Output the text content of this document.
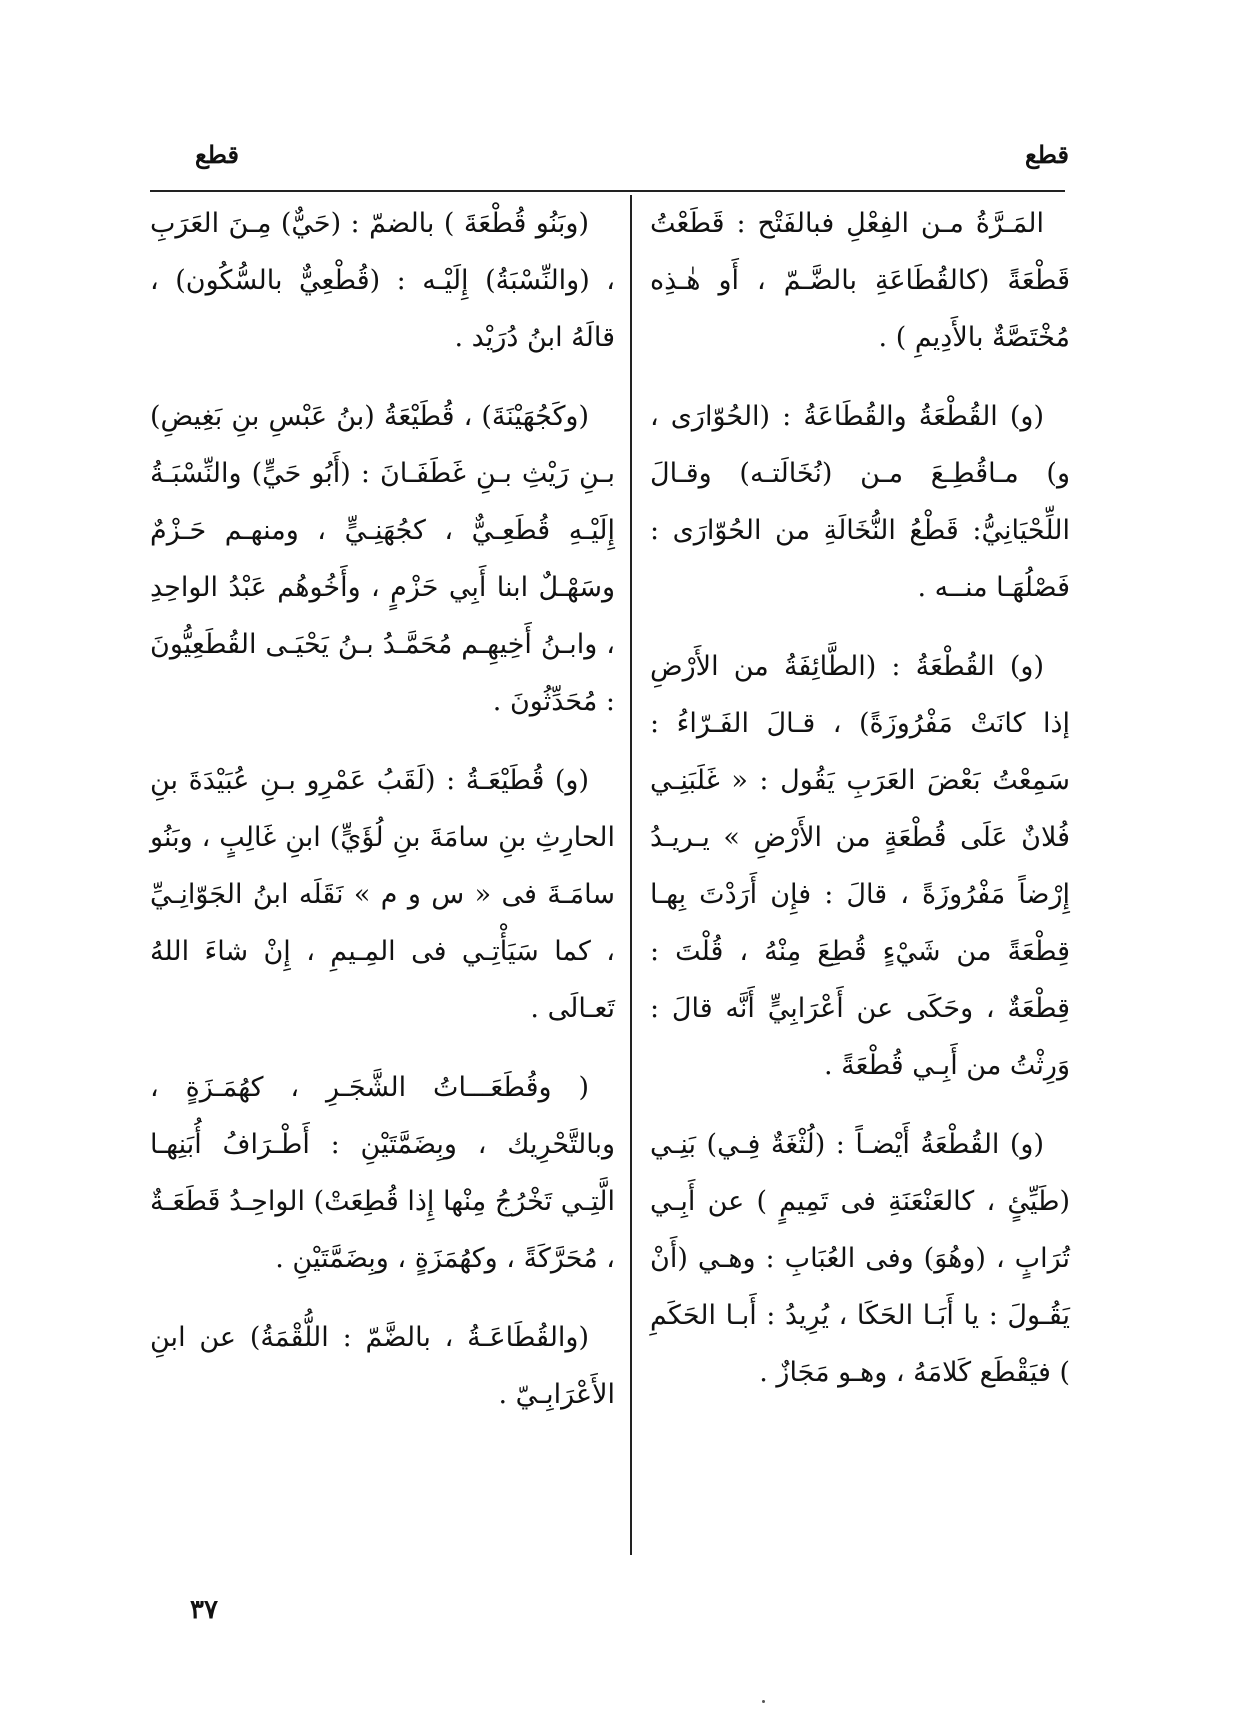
قطع
قطع

المَـرَّةُ مـن الفِعْلِ فبالفَتْح : قَطَعْتُ قَطْعَةً (كالقُطَاعَةِ بالضَّـمّ ، أَو هٰـذِه مُخْتَصَّةٌ بالأَدِيمِ ) .

(و) القُطْعَةُ والقُطَاعَةُ : (الحُوّارَى ، و) مـاقُطِـعَ مـن (نُخَالَتـه) وقـالَ اللِّحْيَانِيُّ: قَطْعُ النُّخَالَةِ من الحُوّارَى : فَصْلُهَـا منــه .

(و) القُطْعَةُ : (الطَّائِفَةُ من الأَرْضِ إذا كانَتْ مَفْرُوزَةً) ، قـالَ الفَـرّاءُ : سَمِعْتُ بَعْضَ العَرَبِ يَقُول : « غَلَبَنِـي فُلانٌ عَلَى قُطْعَةٍ من الأَرْضِ » يـريـدُ إِرْضاً مَفْرُوزَةً ، قالَ : فإِن أَرَدْتَ بِهـا قِطْعَةً من شَيْءٍ قُطِعَ مِنْهُ ، قُلْتَ : قِطْعَةٌ ، وحَكَى عن أَعْرَابِيٍّ أَنَّه قالَ : وَرِثْتُ من أَبِـي قُطْعَةً .

(و) القُطْعَةُ أَيْضـاً : (لُثْغَةٌ فِـي) بَنِـي (طَيِّئٍ ، كالعَنْعَنَةِ فى تَمِيمٍ ) عن أَبِـي تُرَابٍ ، (وهُوَ) وفى العُبَابِ : وهـي (أَنْ يَقُـولَ : يا أَبَـا الحَكَا ، يُرِيدُ : أَبـا الحَكَمِ ) فيَقْطَع كَلامَهُ ، وهـو مَجَازٌ .

(وبَنُو قُطْعَةَ ) بالضمّ : (حَيٌّ) مِـنَ العَرَبِ ، (والنِّسْبَةُ) إِلَيْـه : (قُطْعِيٌّ بالسُّكُون) ، قالَهُ ابنُ دُرَيْد .

(وكَجُهَيْنَةَ) ، قُطَيْعَةُ (بنُ عَبْسِ بنِ بَغِيضِ) بـنِ رَيْثِ بـنِ غَطَفَـانَ : (أَبُو حَيٍّ) والنِّسْبَـةُ إِلَيْـهِ قُطَعِـيٌّ ، كجُهَنِـيٍّ ، ومنهـم حَـزْمٌ وسَهْـلٌ ابنا أَبِي حَزْمٍ ، وأَخُوهُم عَبْدُ الواحِدِ ، وابـنُ أَخِيهِـم مُحَمَّـدُ بـنُ يَحْيَـى القُطَعِيُّونَ : مُحَدِّثُونَ .

(و) قُطَيْعَـةُ : (لَقَبُ عَمْرِو بـنِ عُبَيْدَةَ بنِ الحارِثِ بنِ سامَةَ بنِ لُؤَيٍّ) ابنِ غَالِبٍ ، وبَنُو سامَـةَ فى « س و م » نَقَلَه ابنُ الجَوّانِـيِّ ، كما سَيَأْتِـي فى المِـيمِ ، إِنْ شاءَ اللهُ تَعـالَى .

( وقُطَعَـــاتُ الشَّجَـرِ ، كهُمَـزَةٍ ، وبالتَّحْرِيك ، وبِضَمَّتَيْنِ : أَطْـرَافُ أُبَنِهـا الَّتِـي تَخْرُجُ مِنْها إِذا قُطِعَتْ) الواحِـدُ قَطَعَـةٌ ، مُحَرَّكَةً ، وكهُمَزَةٍ ، وبِضَمَّتَيْنِ .

(والقُطَاعَـةُ ، بالضَّمّ : اللُّقْمَةُ) عن ابنِ الأَعْرَابِـيّ .

٣٧
